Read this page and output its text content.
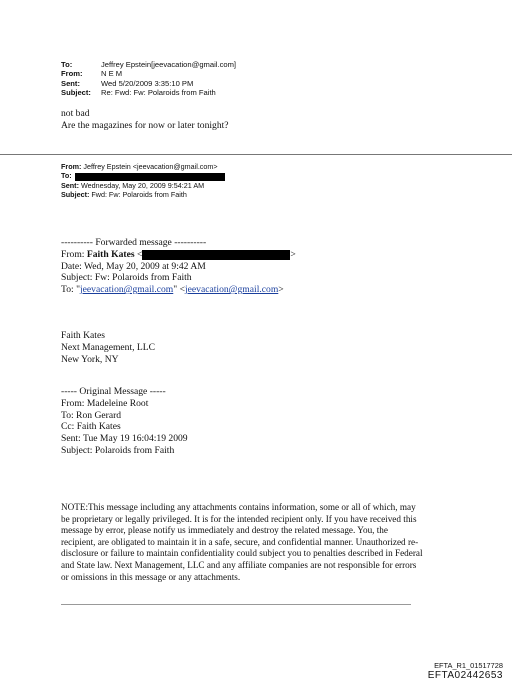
To:	Jeffrey Epstein[jeevacation@gmail.com]
From:	N E M
Sent:	Wed 5/20/2009 3:35:10 PM
Subject:	Re: Fwd: Fw: Polaroids from Faith
not bad
Are the magazines for now or later tonight?
From: Jeffrey Epstein <jeevacation@gmail.com>
To:
Sent: Wednesday, May 20, 2009 9:54:21 AM
Subject: Fwd: Fw: Polaroids from Faith
---------- Forwarded message ----------
From: Faith Kates <	>
Date: Wed, May 20, 2009 at 9:42 AM
Subject: Fw: Polaroids from Faith
To: "jeevacation@gmail.com" <jeevacation@gmail.com>
Faith Kates
Next Management, LLC
New York, NY
----- Original Message -----
From: Madeleine Root
To: Ron Gerard
Cc: Faith Kates
Sent: Tue May 19 16:04:19 2009
Subject: Polaroids from Faith
NOTE:This message including any attachments contains information, some or all of which, may
be proprietary or legally privileged. It is for the intended recipient only. If you have received this
message by error, please notify us immediately and destroy the related message. You, the
recipient, are obligated to maintain it in a safe, secure, and confidential manner. Unauthorized re-
disclosure or failure to maintain confidentiality could subject you to penalties described in Federal
and State law. Next Management, LLC and any affiliate companies are not responsible for errors
or omissions in this message or any attachments.
EFTA_R1_01517728
EFTA02442653
